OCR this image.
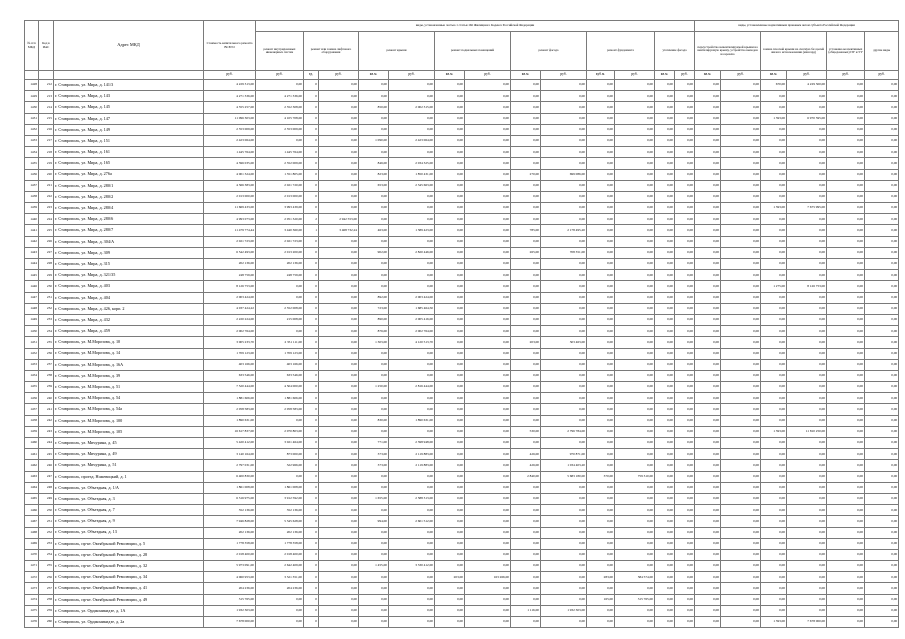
№ п/п МКД	Код в ИАС	Адрес МКД	Стоимость капитального ремонта ВСЕГО	виды, установленные частью 1 статьи 166 Жилищного Кодекса Российской Федерации													виды, установленные нормативным правовым актом субъекта Российской Федерации					
				ремонт внутридомовых инженерных систем	ремонт или замена лифтового оборудования		ремонт крыши		ремонт подвальных помещений		ремонт фасада		ремонт фундамента		утепление фасада		переустройство невентилируемой крыши на вентилируемую крышу, устройство выходов на кровлю		замена плоской крыши на скатную без целей жилого использования (мансард)		установка коллективных (общедомовых) ПУ и УУ	другие виды
			руб.	руб.	ед.	руб.	кв.м.	руб.	кв.м.	руб.	кв.м.	руб.	куб.м.	руб.	кв.м.	руб.	кв.м.	руб.	кв.м.	руб.	руб.	руб.
1428	212	г. Ставрополь, ул. Мира, д. 141/3	4 229 313,00	0,00	0	0,00	0,00	0,00	0,00	0,00	0,00	0,00	0,00	0,00	0,00	0,00	0,00	0,00	670,00	4 229 300,00	0,00	0,00
1429	213	г. Ставрополь, ул. Мира, д. 143	4 271 336,00	4 271 336,00	0	0,00	0,00	0,00	0,00	0,00	0,00	0,00	0,00	0,00	0,00	0,00	0,00	0,00	0,00	0,00	0,00	0,00
1430	214	г. Ставрополь, ул. Мира, д. 145	4 355 257,00	2 352 308,00	0	0,00	850,00	2 002 315,00	0,00	0,00	0,00	0,00	0,00	0,00	0,00	0,00	0,00	0,00	0,00	0,00	0,00	0,00
1431	215	г. Ставрополь, ул. Мира, д. 147	11 096 303,00	4 105 708,00	0	0,00	0,00	0,00	0,00	0,00	0,00	0,00	0,00	0,00	0,00	0,00	0,00	0,00	1 393,00	6 970 595,00	0,00	0,00
1432	216	г. Ставрополь, ул. Мира, д. 149	2 353 009,00	2 353 009,00	0	0,00	0,00	0,00	0,00	0,00	0,00	0,00	0,00	0,00	0,00	0,00	0,00	0,00	0,00	0,00	0,00	0,00
1433	217	г. Ставрополь, ул. Мира, д. 151	2 423 064,00	0,00	0	0,00	1 090,00	2 423 064,00	0,00	0,00	0,00	0,00	0,00	0,00	0,00	0,00	0,00	0,00	0,00	0,00	0,00	0,00
1434	218	г. Ставрополь, ул. Мира, д. 161	1 445 764,00	1 445 764,00	0	0,00	0,00	0,00	0,00	0,00	0,00	0,00	0,00	0,00	0,00	0,00	0,00	0,00	0,00	0,00	0,00	0,00
1435	219	г. Ставрополь, ул. Мира, д. 165	4 396 035,00	2 352 009,00	0	0,00	846,00	2 034 325,00	0,00	0,00	0,00	0,00	0,00	0,00	0,00	0,00	0,00	0,00	0,00	0,00	0,00	0,00
1436	220	г. Ставрополь, ул. Мира, д. 276а	4 001 324,00	1 351 805,00	0	0,00	823,00	1 850 431,00	0,00	0,00	270,00	699 086,00	0,00	0,00	0,00	0,00	0,00	0,00	0,00	0,00	0,00	0,00
1437	221	г. Ставрополь, ул. Мира, д. 280/1	4 366 383,00	2 021 720,00	0	0,00	653,00	2 345 663,00	0,00	0,00	0,00	0,00	0,00	0,00	0,00	0,00	0,00	0,00	0,00	0,00	0,00	0,00
1438	222	г. Ставрополь, ул. Мира, д. 280/2	2 013 000,00	2 013 000,00	0	0,00	0,00	0,00	0,00	0,00	0,00	0,00	0,00	0,00	0,00	0,00	0,00	0,00	0,00	0,00	0,00	0,00
1439	223	г. Ставрополь, ул. Мира, д. 280/4	11 669 433,00	3 993 439,00	0	0,00	0,00	0,00	0,00	0,00	0,00	0,00	0,00	0,00	0,00	0,00	0,00	0,00	1 393,00	7 675 995,00	0,00	0,00
1440	224	г. Ставрополь, ул. Мира, д. 280/6	4 993 073,00	2 051 320,00	2	2 942 553,00	0,00	0,00	0,00	0,00	0,00	0,00	0,00	0,00	0,00	0,00	0,00	0,00	0,00	0,00	0,00	0,00
1441	225	г. Ставрополь, ул. Мира, д. 280/7	11 479 774,44	3 440 360,00	1	3 468 732,24	463,00	1 389 423,00	0,00	0,00	785,00	2 178 495,20	0,00	0,00	0,00	0,00	0,00	0,00	0,00	0,00	0,00	0,00
1442	226	г. Ставрополь, ул. Мира, д. 304/А	2 021 723,00	2 021 723,00	0	0,00	0,00	0,00	0,00	0,00	0,00	0,00	0,00	0,00	0,00	0,00	0,00	0,00	0,00	0,00	0,00	0,00
1443	227	г. Ставрополь, ул. Мира, д. 309	6 542 493,00	2 013 200,00	0	0,00	902,00	2 820 446,00	0,00	0,00	265,00	708 351,00	0,00	0,00	0,00	0,00	0,00	0,00	0,00	0,00	0,00	0,00
1444	228	г. Ставрополь, ул. Мира, д. 315	202 136,00	202 136,00	0	0,00	0,00	0,00	0,00	0,00	0,00	0,00	0,00	0,00	0,00	0,00	0,00	0,00	0,00	0,00	0,00	0,00
1445	229	г. Ставрополь, ул. Мира, д. 321/35	248 759,00	248 759,00	0	0,00	0,00	0,00	0,00	0,00	0,00	0,00	0,00	0,00	0,00	0,00	0,00	0,00	0,00	0,00	0,00	0,00
1446	230	г. Ставрополь, ул. Мира, д. 403	8 126 753,00	0,00	0	0,00	0,00	0,00	0,00	0,00	0,00	0,00	0,00	0,00	0,00	0,00	0,00	0,00	1 275,00	8 126 753,00	0,00	0,00
1447	231	г. Ставрополь, ул. Мира, д. 404	2 003 424,00	0,00	0	0,00	892,00	2 003 424,00	0,00	0,00	0,00	0,00	0,00	0,00	0,00	0,00	0,00	0,00	0,00	0,00	0,00	0,00
1448	232	г. Ставрополь, ул. Мира, д. 426, корп. 2	4 037 424,22	2 352 008,00	0	0,00	723,00	1 685 464,50	0,00	0,00	0,00	0,00	0,00	0,00	0,00	0,00	0,00	0,00	0,00	0,00	0,00	0,00
1449	233	г. Ставрополь, ул. Мира, д. 432	2 220 224,00	215 008,00	0	0,00	890,00	2 005 416,00	0,00	0,00	0,00	0,00	0,00	0,00	0,00	0,00	0,00	0,00	0,00	0,00	0,00	0,00
1450	234	г. Ставрополь, ул. Мира, д. 459	2 002 764,00	0,00	0	0,00	876,00	2 002 764,00	0,00	0,00	0,00	0,00	0,00	0,00	0,00	0,00	0,00	0,00	0,00	0,00	0,00	0,00
1451	235	г. Ставрополь, ул. М.Морозова, д. 10	3 005 233,70	2 351 111,00	0	0,00	1 303,00	4 120 513,70	0,00	0,00	203,00	303 463,00	0,00	0,00	0,00	0,00	0,00	0,00	0,00	0,00	0,00	0,00
1452	236	г. Ставрополь, ул. М.Морозова, д. 14	1 709 123,00	1 709 123,00	0	0,00	0,00	0,00	0,00	0,00	0,00	0,00	0,00	0,00	0,00	0,00	0,00	0,00	0,00	0,00	0,00	0,00
1453	237	г. Ставрополь, ул. М.Морозова, д. 16А	403 166,00	403 166,00	0	0,00	0,00	0,00	0,00	0,00	0,00	0,00	0,00	0,00	0,00	0,00	0,00	0,00	0,00	0,00	0,00	0,00
1454	238	г. Ставрополь, ул. М.Морозова, д. 39	633 546,00	633 546,00	0	0,00	0,00	0,00	0,00	0,00	0,00	0,00	0,00	0,00	0,00	0,00	0,00	0,00	0,00	0,00	0,00	0,00
1455	239	г. Ставрополь, ул. М.Морозова, д. 51	7 520 444,00	4 504 000,00	0	0,00	1 250,00	2 816 444,00	0,00	0,00	0,00	0,00	0,00	0,00	0,00	0,00	0,00	0,00	0,00	0,00	0,00	0,00
1456	240	г. Ставрополь, ул. М.Морозова, д. 54	1 881 606,00	1 881 606,00	0	0,00	0,00	0,00	0,00	0,00	0,00	0,00	0,00	0,00	0,00	0,00	0,00	0,00	0,00	0,00	0,00	0,00
1457	241	г. Ставрополь, ул. М.Морозова, д. 54а	2 058 583,00	2 058 583,00	0	0,00	0,00	0,00	0,00	0,00	0,00	0,00	0,00	0,00	0,00	0,00	0,00	0,00	0,00	0,00	0,00	0,00
1458	242	г. Ставрополь, ул. М.Морозова, д. 100	1 890 631,00	0,00	0	0,00	830,00	1 890 631,00	0,00	0,00	0,00	0,00	0,00	0,00	0,00	0,00	0,00	0,00	0,00	0,00	0,00	0,00
1459	243	г. Ставрополь, ул. М.Морозова, д. 105	16 617 837,00	2 070 803,00	0	0,00	0,00	0,00	0,00	0,00	530,00	2 796 784,00	0,00	0,00	0,00	0,00	0,00	0,00	1 393,00	11 810 250,00	0,00	0,00
1460	244	г. Ставрополь, ул. Мичурина, д. 45	5 420 412,00	3 021 464,00	0	0,00	771,00	2 398 948,00	0,00	0,00	0,00	0,00	0,00	0,00	0,00	0,00	0,00	0,00	0,00	0,00	0,00	0,00
1461	245	г. Ставрополь, ул. Мичурина, д. 49	3 140 164,00	873 000,00	0	0,00	373,00	2 119 883,00	0,00	0,00	426,00	970 871,00	0,00	0,00	0,00	0,00	0,00	0,00	0,00	0,00	0,00	0,00
1462	246	г. Ставрополь, ул. Мичурина, д. 51	2 797 031,00	322 966,00	0	0,00	373,00	2 119 883,00	0,00	0,00	426,00	1 034 403,20	0,00	0,00	0,00	0,00	0,00	0,00	0,00	0,00	0,00	0,00
1463	247	г. Ставрополь, проезд. Ножевицкий, д. 1	6 400 830,00	0,00	0	0,00	0,00	0,00	0,00	0,00	2 840,00	5 683 180,00	370,00	759 310,00	0,00	0,00	0,00	0,00	0,00	0,00	0,00	0,00
1464	248	г. Ставрополь, ул. Объездная, д. 1/А	1 861 008,00	1 861 008,00	0	0,00	0,00	0,00	0,00	0,00	0,00	0,00	0,00	0,00	0,00	0,00	0,00	0,00	0,00	0,00	0,00	0,00
1465	249	г. Ставрополь, ул. Объездная, д. 3	6 316 975,00	3 912 592,00	0	0,00	1 655,00	2 588 313,00	0,00	0,00	0,00	0,00	0,00	0,00	0,00	0,00	0,00	0,00	0,00	0,00	0,00	0,00
1466	250	г. Ставрополь, ул. Объездная, д. 7	352 136,00	352 136,00	0	0,00	0,00	0,00	0,00	0,00	0,00	0,00	0,00	0,00	0,00	0,00	0,00	0,00	0,00	0,00	0,00	0,00
1467	251	г. Ставрополь, ул. Объездная, д. 9	7 946 828,00	5 345 628,00	0	0,00	994,00	2 601 512,00	0,00	0,00	0,00	0,00	0,00	0,00	0,00	0,00	0,00	0,00	0,00	0,00	0,00	0,00
1468	252	г. Ставрополь, ул. Объездная, д. 13	202 136,00	202 136,00	0	0,00	0,00	0,00	0,00	0,00	0,00	0,00	0,00	0,00	0,00	0,00	0,00	0,00	0,00	0,00	0,00	0,00
1469	253	г. Ставрополь, пр-кт. Октябрьской Революции, д. 5	1 778 358,00	1 778 358,00	0	0,00	0,00	0,00	0,00	0,00	0,00	0,00	0,00	0,00	0,00	0,00	0,00	0,00	0,00	0,00	0,00	0,00
1470	254	г. Ставрополь, пр-кт. Октябрьской Революции, д. 28	2 018 400,00	2 018 400,00	0	0,00	0,00	0,00	0,00	0,00	0,00	0,00	0,00	0,00	0,00	0,00	0,00	0,00	0,00	0,00	0,00	0,00
1471	255	г. Ставрополь, пр-кт. Октябрьской Революции, д. 32	5 973 091,00	2 642 409,00	0	0,00	1 455,00	3 330 412,00	0,00	0,00	0,00	0,00	0,00	0,00	0,00	0,00	0,00	0,00	0,00	0,00	0,00	0,00
1472	256	г. Ставрополь, пр-кт. Октябрьской Революции, д. 34	4 060 953,00	3 321 351,00	0	0,00	0,00	0,00	203,00	163 266,00	0,00	0,00	283,00	584 574,00	0,00	0,00	0,00	0,00	0,00	0,00	0,00	0,00
1473	257	г. Ставрополь, пр-кт. Октябрьской Революции, д. 41	204 236,00	204 236,00	0	0,00	0,00	0,00	0,00	0,00	0,00	0,00	0,00	0,00	0,00	0,00	0,00	0,00	0,00	0,00	0,00	0,00
1474	258	г. Ставрополь, пр-кт. Октябрьской Революции, д. 49	315 765,00	0,00	0	0,00	0,00	0,00	0,00	0,00	0,00	0,00	165,00	315 765,00	0,00	0,00	0,00	0,00	0,00	0,00	0,00	0,00
1475	259	г. Ставрополь, ул. Орджоникидзе, д. 1А	1 932 303,00	0,00	0	0,00	0,00	0,00	0,00	0,00	1 116,00	1 932 303,00	0,00	0,00	0,00	0,00	0,00	0,00	0,00	0,00	0,00	0,00
1476	260	г. Ставрополь, ул. Орджоникидзе, д. 2а	7 678 000,00	0,00	0	0,00	0,00	0,00	0,00	0,00	0,00	0,00	0,00	0,00	0,00	0,00	0,00	0,00	1 393,00	7 678 000,00	0,00	0,00
